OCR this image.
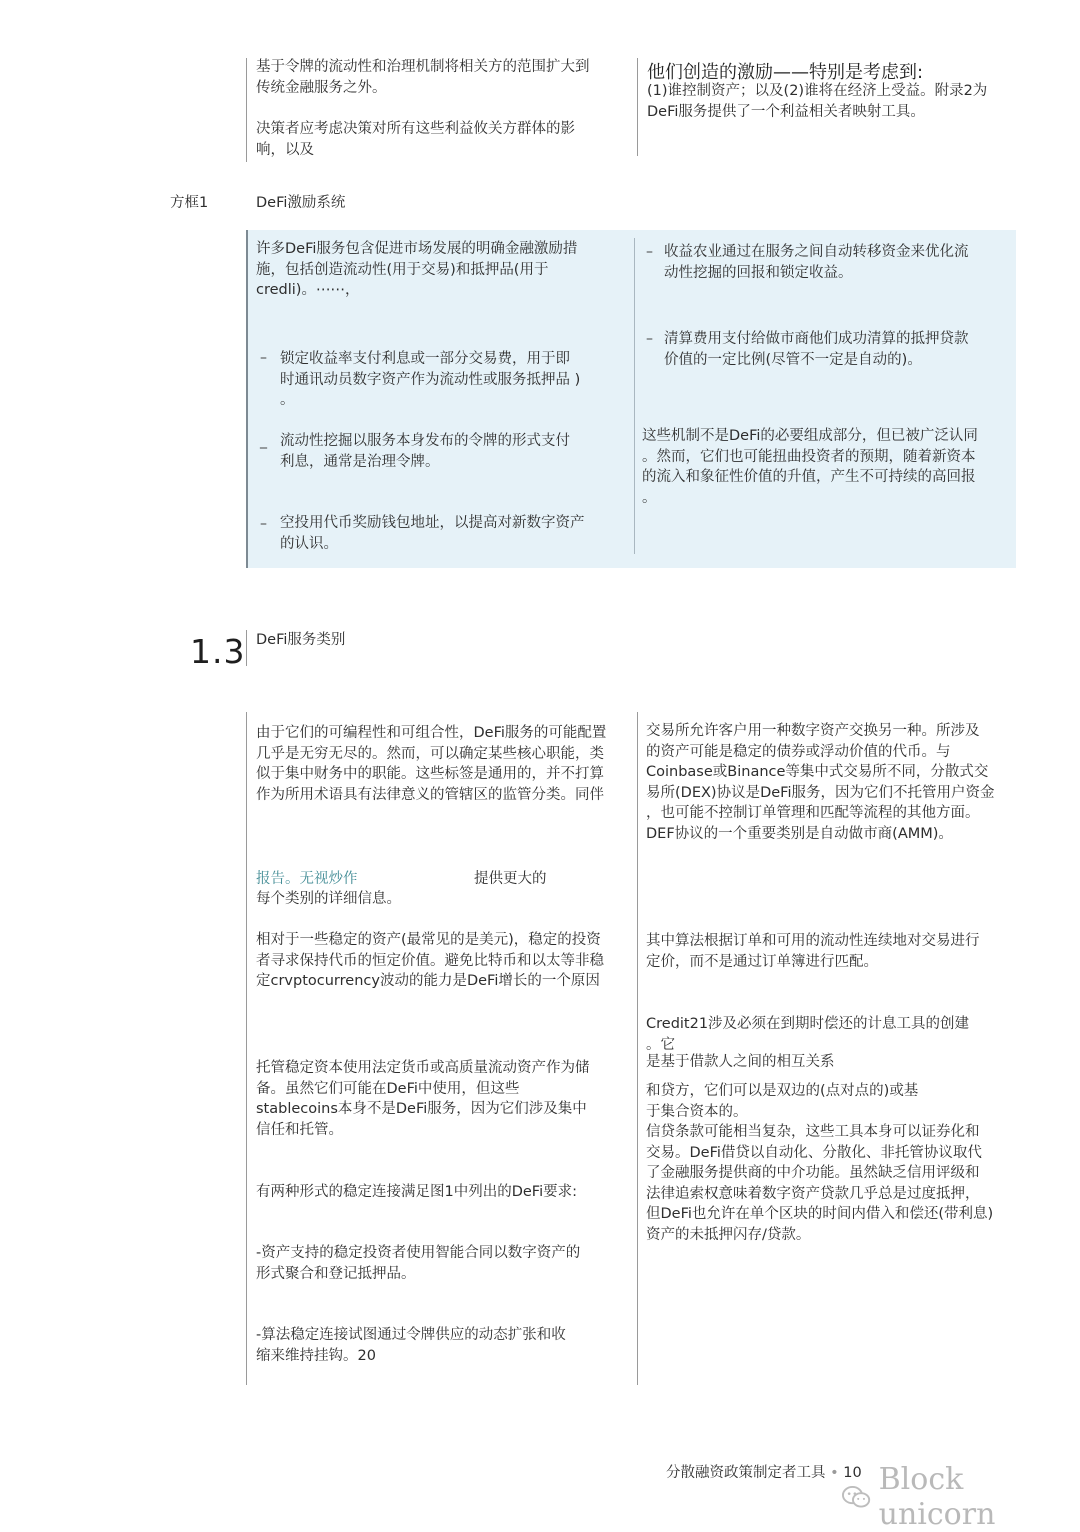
基于令牌的流动性和治理机制将相关方的范围扩大到
传统金融服务之外。

决策者应考虑决策对所有这些利益攸关方群体的影
响，以及

他们创造的激励——特别是考虑到:

(1)谁控制资产；以及(2)谁将在经济上受益。附录2为
DeFi服务提供了一个利益相关者映射工具。

方框1	DeFi激励系统

许多DeFi服务包含促进市场发展的明确金融激励措
施，包括创造流动性(用于交易)和抵押品(用于
credli)。⋯⋯，

– 锁定收益率支付利息或一部分交易费，用于即
时通讯动员数字资产作为流动性或服务抵押品 )
。

_ 流动性挖掘以服务本身发布的令牌的形式支付
利息，通常是治理令牌。

– 空投用代币奖励钱包地址，以提高对新数字资产
的认识。

– 收益农业通过在服务之间自动转移资金来优化流
动性挖掘的回报和锁定收益。

– 清算费用支付给做市商他们成功清算的抵押贷款
价值的一定比例(尽管不一定是自动的)。

这些机制不是DeFi的必要组成部分，但已被广泛认同
。然而，它们也可能扭曲投资者的预期，随着新资本
的流入和象征性价值的升值，产生不可持续的高回报
。

1.3 DeFi服务类别

由于它们的可编程性和可组合性，DeFi服务的可能配置
几乎是无穷无尽的。然而，可以确定某些核心职能，类
似于集中财务中的职能。这些标签是通用的，并不打算
作为所用术语具有法律意义的管辖区的监管分类。同伴

报告。无视炒作	提供更大的
每个类别的详细信息。

相对于一些稳定的资产(最常见的是美元)，稳定的投资
者寻求保持代币的恒定价值。避免比特币和以太等非稳
定crvptocurrency波动的能力是DeFi增长的一个原因

托管稳定资本使用法定货币或高质量流动资产作为储
备。虽然它们可能在DeFi中使用，但这些
stablecoins本身不是DeFi服务，因为它们涉及集中
信任和托管。

有两种形式的稳定连接满足图1中列出的DeFi要求:

-资产支持的稳定投资者使用智能合同以数字资产的
形式聚合和登记抵押品。

-算法稳定连接试图通过令牌供应的动态扩张和收
缩来维持挂钩。20

交易所允许客户用一种数字资产交换另一种。所涉及
的资产可能是稳定的债券或浮动价值的代币。与
Coinbase或Binance等集中式交易所不同，分散式交
易所(DEX)协议是DeFi服务，因为它们不托管用户资金
，也可能不控制订单管理和匹配等流程的其他方面。
DEF协议的一个重要类别是自动做市商(AMM)。

其中算法根据订单和可用的流动性连续地对交易进行
定价，而不是通过订单簿进行匹配。

Credit21涉及必须在到期时偿还的计息工具的创建
。它

是基于借款人之间的相互关系

和贷方，它们可以是双边的(点对点的)或基
于集合资本的。
信贷条款可能相当复杂，这些工具本身可以证券化和
交易。DeFi借贷以自动化、分散化、非托管协议取代
了金融服务提供商的中介功能。虽然缺乏信用评级和
法律追索权意味着数字资产贷款几乎总是过度抵押，
但DeFi也允许在单个区块的时间内借入和偿还(带利息)
资产的未抵押闪存/贷款。

分散融资政策制定者工具 • 10 Block unicorn
